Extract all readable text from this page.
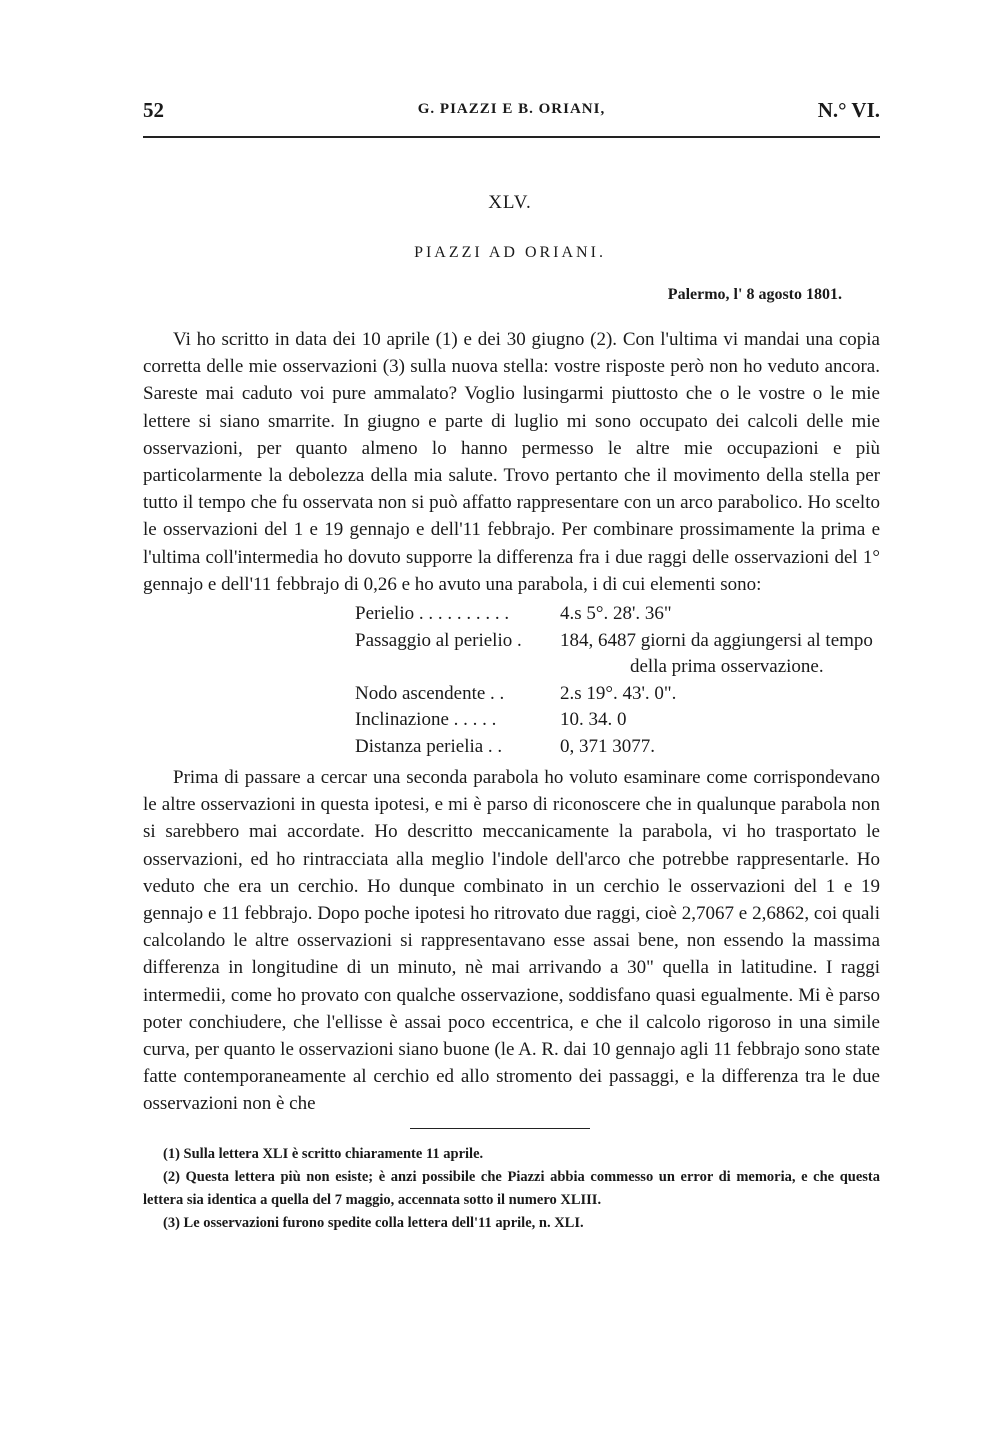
52	G. PIAZZI E B. ORIANI,	N.° VI.
XLV.
PIAZZI AD ORIANI.
Palermo, l' 8 agosto 1801.

Vi ho scritto in data dei 10 aprile (1) e dei 30 giugno (2). Con l'ultima vi mandai una copia corretta delle mie osservazioni (3) sulla nuova stella: vostre risposte però non ho veduto ancora. Sareste mai caduto voi pure ammalato? Voglio lusingarmi piuttosto che o le vostre o le mie lettere si siano smarrite. In giugno e parte di luglio mi sono occupato dei calcoli delle mie osservazioni, per quanto almeno lo hanno permesso le altre mie occupazioni e più particolarmente la debolezza della mia salute. Trovo pertanto che il movimento della stella per tutto il tempo che fu osservata non si può affatto rappresentare con un arco parabolico. Ho scelto le osservazioni del 1 e 19 gennajo e dell'11 febbrajo. Per combinare prossimamente la prima e l'ultima coll'intermedia ho dovuto supporre la differenza fra i due raggi delle osservazioni del 1° gennajo e dell'11 febbrajo di 0,26 e ho avuto una parabola, i di cui elementi sono:

Perielio . . . . . . . . . .	4.s 5°. 28'. 36"
Passaggio al perielio .	184, 6487 giorni da aggiungersi al tempo
della prima osservazione.
Nodo ascendente . .	2.s 19°. 43'. 0".
Inclinazione . . . . .	10. 34. 0
Distanza perielia . .	0, 371 3077.

Prima di passare a cercar una seconda parabola ho voluto esaminare come corrispondevano le altre osservazioni in questa ipotesi, e mi è parso di riconoscere che in qualunque parabola non si sarebbero mai accordate. Ho descritto meccanicamente la parabola, vi ho trasportato le osservazioni, ed ho rintracciata alla meglio l'indole dell'arco che potrebbe rappresentarle. Ho veduto che era un cerchio. Ho dunque combinato in un cerchio le osservazioni del 1 e 19 gennajo e 11 febbrajo. Dopo poche ipotesi ho ritrovato due raggi, cioè 2,7067 e 2,6862, coi quali calcolando le altre osservazioni si rappresentavano esse assai bene, non essendo la massima differenza in longitudine di un minuto, nè mai arrivando a 30" quella in latitudine. I raggi intermedii, come ho provato con qualche osservazione, soddisfano quasi egualmente. Mi è parso poter conchiudere, che l'ellisse è assai poco eccentrica, e che il calcolo rigoroso in una simile curva, per quanto le osservazioni siano buone (le A. R. dai 10 gennajo agli 11 febbrajo sono state fatte contemporaneamente al cerchio ed allo stromento dei passaggi, e la differenza tra le due osservazioni non è che

(1) Sulla lettera XLI è scritto chiaramente 11 aprile.

(2) Questa lettera più non esiste; è anzi possibile che Piazzi abbia commesso un error di memoria, e che questa lettera sia identica a quella del 7 maggio, accennata sotto il numero XLIII.

(3) Le osservazioni furono spedite colla lettera dell'11 aprile, n. XLI.
